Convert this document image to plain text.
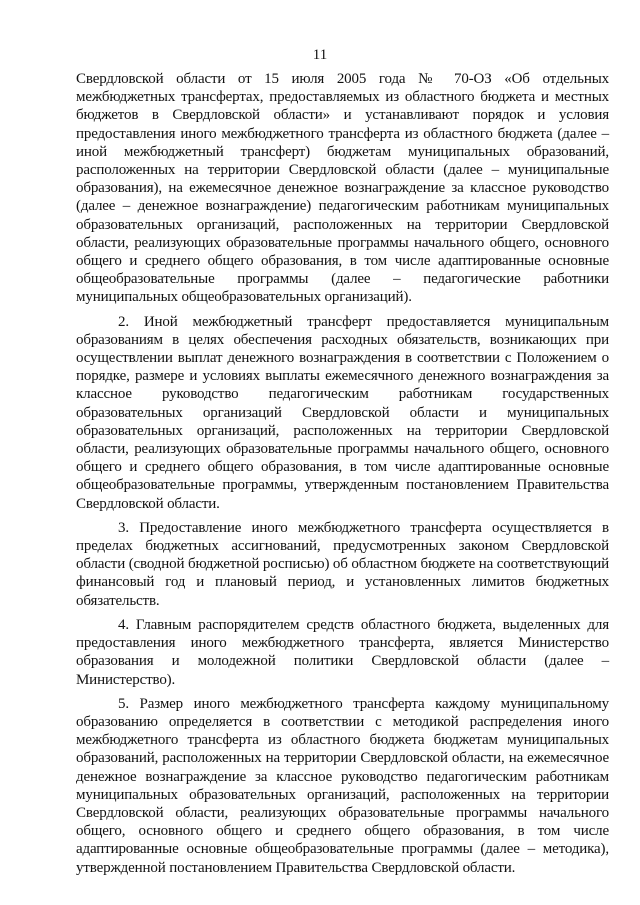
11

Свердловской области от 15 июля 2005 года № 70-ОЗ «Об отдельных межбюджетных трансфертах, предоставляемых из областного бюджета и местных бюджетов в Свердловской области» и устанавливают порядок и условия предоставления иного межбюджетного трансферта из областного бюджета (далее – иной межбюджетный трансферт) бюджетам муниципальных образований, расположенных на территории Свердловской области (далее – муниципальные образования), на ежемесячное денежное вознаграждение за классное руководство (далее – денежное вознаграждение) педагогическим работникам муниципальных образовательных организаций, расположенных на территории Свердловской области, реализующих образовательные программы начального общего, основного общего и среднего общего образования, в том числе адаптированные основные общеобразовательные программы (далее – педагогические работники муниципальных общеобразовательных организаций).

2. Иной межбюджетный трансферт предоставляется муниципальным образованиям в целях обеспечения расходных обязательств, возникающих при осуществлении выплат денежного вознаграждения в соответствии с Положением о порядке, размере и условиях выплаты ежемесячного денежного вознаграждения за классное руководство педагогическим работникам государственных образовательных организаций Свердловской области и муниципальных образовательных организаций, расположенных на территории Свердловской области, реализующих образовательные программы начального общего, основного общего и среднего общего образования, в том числе адаптированные основные общеобразовательные программы, утвержденным постановлением Правительства Свердловской области.

3. Предоставление иного межбюджетного трансферта осуществляется в пределах бюджетных ассигнований, предусмотренных законом Свердловской области (сводной бюджетной росписью) об областном бюджете на соответствующий финансовый год и плановый период, и установленных лимитов бюджетных обязательств.

4. Главным распорядителем средств областного бюджета, выделенных для предоставления иного межбюджетного трансферта, является Министерство образования и молодежной политики Свердловской области (далее – Министерство).

5. Размер иного межбюджетного трансферта каждому муниципальному образованию определяется в соответствии с методикой распределения иного межбюджетного трансферта из областного бюджета бюджетам муниципальных образований, расположенных на территории Свердловской области, на ежемесячное денежное вознаграждение за классное руководство педагогическим работникам муниципальных образовательных организаций, расположенных на территории Свердловской области, реализующих образовательные программы начального общего, основного общего и среднего общего образования, в том числе адаптированные основные общеобразовательные программы (далее – методика), утвержденной постановлением Правительства Свердловской области.
